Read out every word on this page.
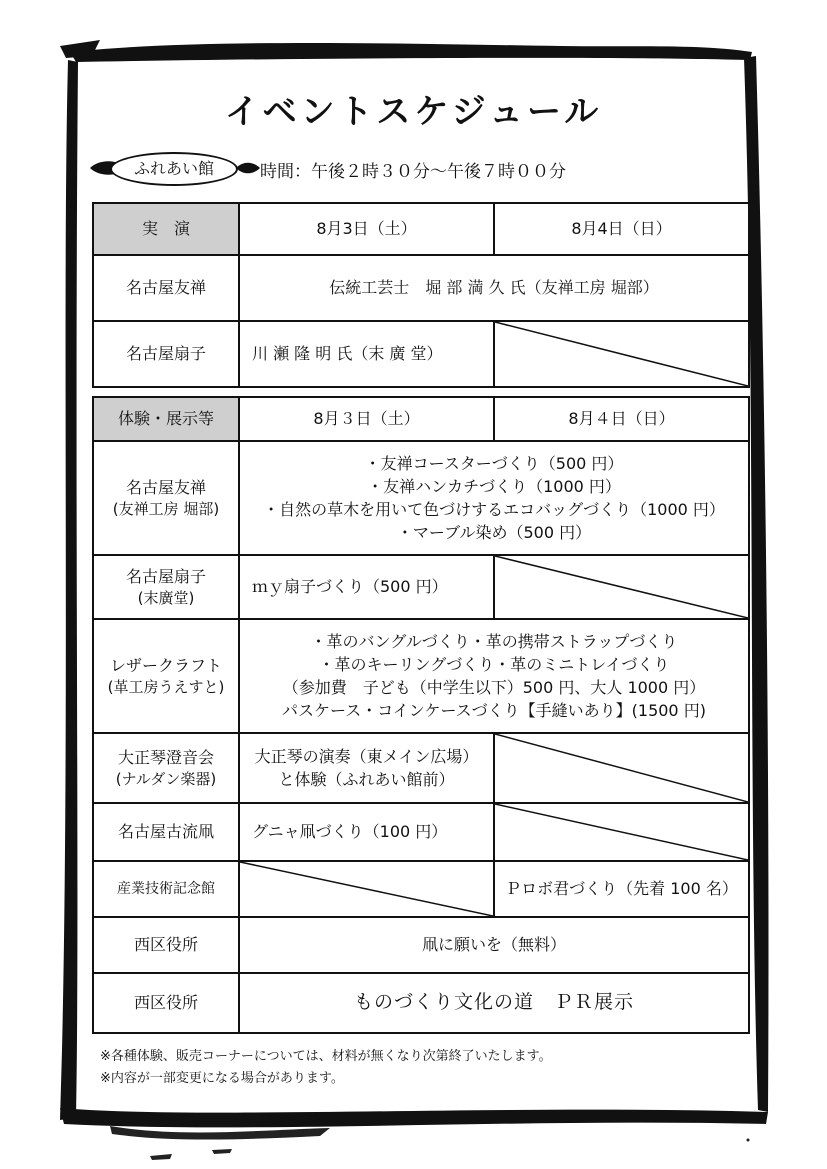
イベントスケジュール
ふれあい館	時間：午後２時３０分～午後７時００分
実　演	8月3日（土）	8月4日（日）
名古屋友禅	伝統工芸士　堀 部 満 久 氏（友禅工房 堀部）	
名古屋扇子	川 瀬 隆 明 氏（末 廣 堂）	
体験・展示等	8月３日（土）	8月４日（日）

名古屋友禅
(友禅工房 堀部)	・友禅コースターづくり（500 円）
・友禅ハンカチづくり（1000 円）
・自然の草木を用いて色づけするエコバッグづくり（1000 円）
・マーブル染め（500 円）	

名古屋扇子
(末廣堂)	ｍｙ扇子づくり（500 円）	

レザークラフト
(革工房うえすと)	・革のバングルづくり・革の携帯ストラップづくり
・革のキーリングづくり・革のミニトレイづくり
（参加費　子ども（中学生以下）500 円、大人 1000 円）
パスケース・コインケースづくり【手縫いあり】(1500 円)	

大正琴澄音会
(ナルダン楽器)	大正琴の演奏（東メイン広場）
と体験（ふれあい館前）

名古屋古流凧	グニャ凧づくり（100 円）	

産業技術記念館		Ｐロボ君づくり（先着 100 名）
西区役所	凧に願いを（無料）	
西区役所	ものづくり文化の道　ＰＲ展示	
※各種体験、販売コーナーについては、材料が無くなり次第終了いたします。
※内容が一部変更になる場合があります。
